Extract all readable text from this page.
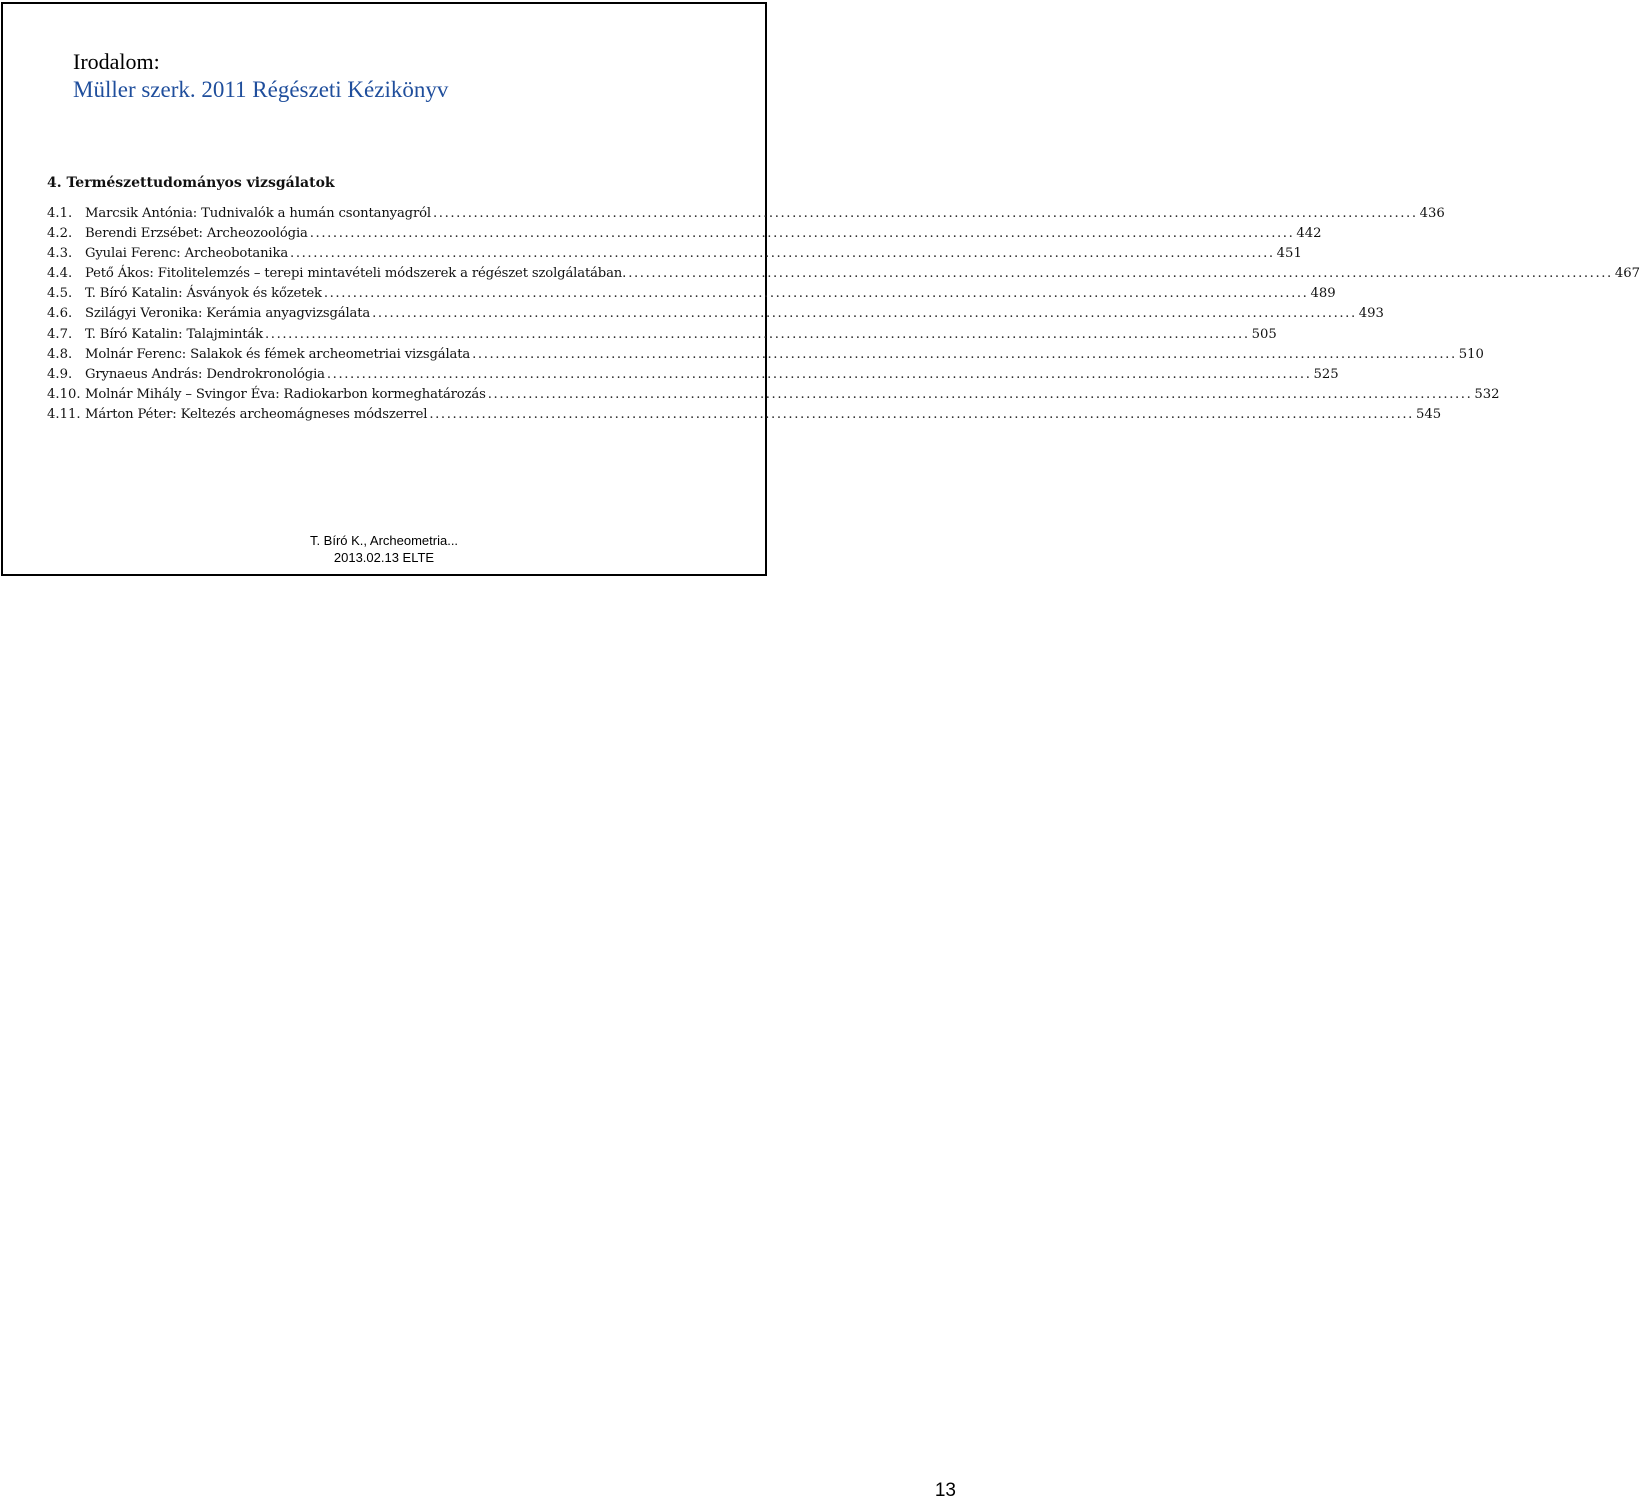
Irodalom:
Müller szerk. 2011 Régészeti Kézikönyv
4. Természettudományos vizsgálatok
4.1. Marcsik Antónia: Tudnivalók a humán csontanyagról .....	436
4.2. Berendi Erzsébet: Archeozoológia .....	442
4.3. Gyulai Ferenc: Archeobotanika .....	451
4.4. Pető Ákos: Fitolitelemzés – terepi mintavételi módszerek a régészet szolgálatában. .....	467
4.5. T. Bíró Katalin: Ásványok és kőzetek .....	489
4.6. Szilágyi Veronika: Kerámia anyagvizsgálata .....	493
4.7. T. Bíró Katalin: Talajminták .....	505
4.8. Molnár Ferenc: Salakok és fémek archeometriai vizsgálata .....	510
4.9. Grynaeus András: Dendrokronológia .....	525
4.10. Molnár Mihály – Svingor Éva: Radiokarbon kormeghatározás .....	532
4.11. Márton Péter: Keltezés archeomágneses módszerrel .....	545
T. Bíró K., Archeometria...
2013.02.13 ELTE
13
